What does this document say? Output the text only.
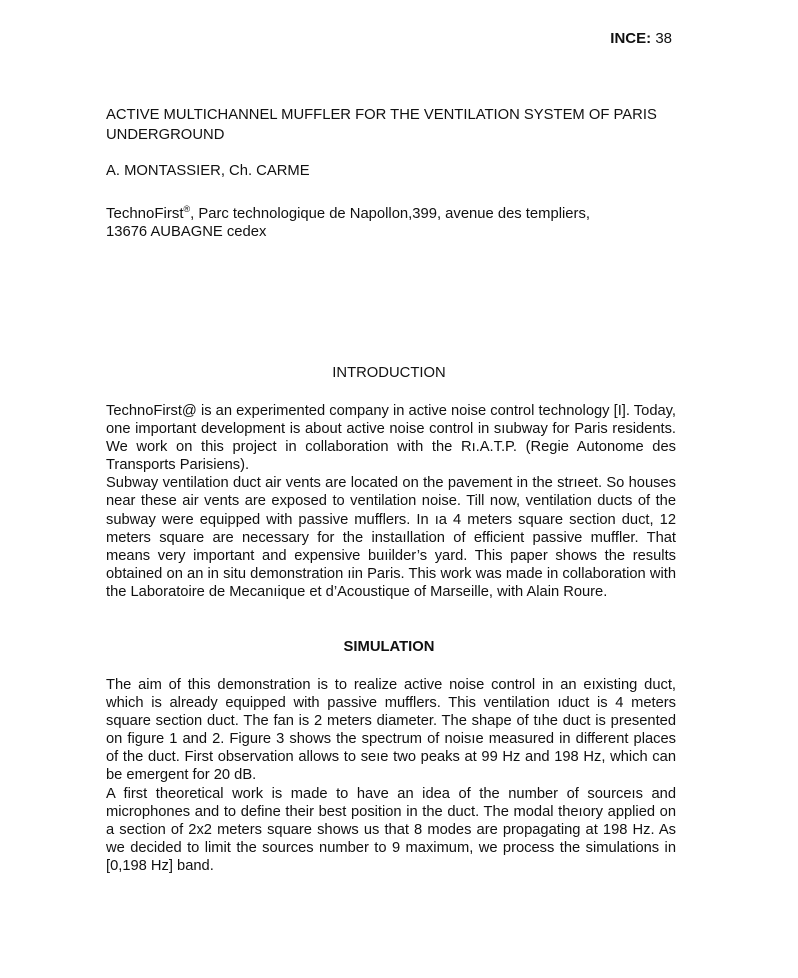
INCE: 38
ACTIVE MULTICHANNEL MUFFLER FOR THE VENTILATION SYSTEM OF PARIS UNDERGROUND
A. MONTASSIER, Ch. CARME
TechnoFirst®, Parc technologique de Napollon,399, avenue des templiers,
13676 AUBAGNE cedex
INTRODUCTION

TechnoFirst@ is an experimented company in active noise control technology [I]. Today, one important development is about active noise control in sıubway for Paris residents. We work on this project in collaboration with the Rı.A.T.P. (Regie Autonome des Transports Parisiens).

Subway ventilation duct air vents are located on the pavement in the strıeet. So houses near these air vents are exposed to ventilation noise. Till now, ventilation ducts of the subway were equipped with passive mufflers. In ıa 4 meters square section duct, 12 meters square are necessary for the instaıllation of efficient passive muffler. That means very important and expensive buıilder’s yard. This paper shows the results obtained on an in situ demonstration ıin Paris. This work was made in collaboration with the Laboratoire de Mecanıique et d’Acoustique of Marseille, with Alain Roure.

SIMULATION

The aim of this demonstration is to realize active noise control in an eıxisting duct, which is already equipped with passive mufflers. This ventilation ıduct is 4 meters square section duct. The fan is 2 meters diameter. The shape of tıhe duct is presented on figure 1 and 2. Figure 3 shows the spectrum of noisıe measured in different places of the duct. First observation allows to seıe two peaks at 99 Hz and 198 Hz, which can be emergent for 20 dB.

A first theoretical work is made to have an idea of the number of sourceıs and microphones and to define their best position in the duct. The modal theıory applied on a section of 2x2 meters square shows us that 8 modes are propagating at 198 Hz. As we decided to limit the sources number to 9 maximum, we process the simulations in [0,198 Hz] band.
